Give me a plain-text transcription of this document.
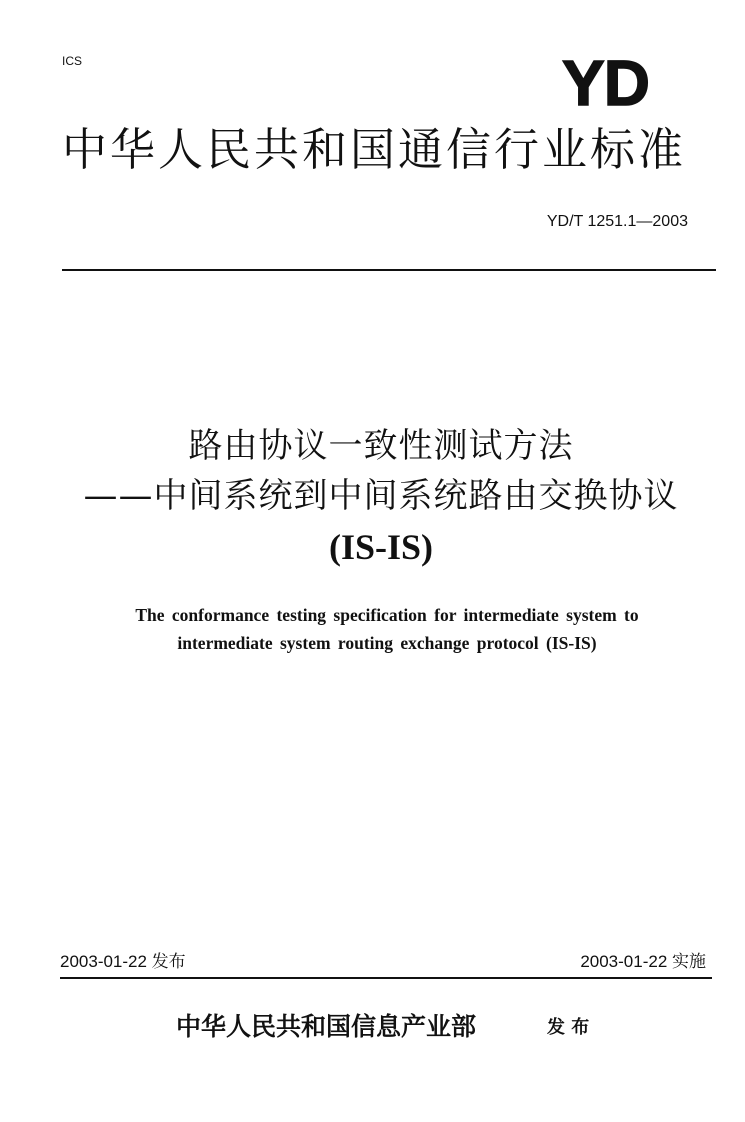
ICS	YD
中华人民共和国通信行业标准
YD/T 1251.1—2003
路由协议一致性测试方法
——中间系统到中间系统路由交换协议
(IS-IS)
The conformance testing specification for intermediate system to
intermediate system routing exchange protocol (IS-IS)
2003-01-22 发布	2003-01-22 实施
中华人民共和国信息产业部	发 布
